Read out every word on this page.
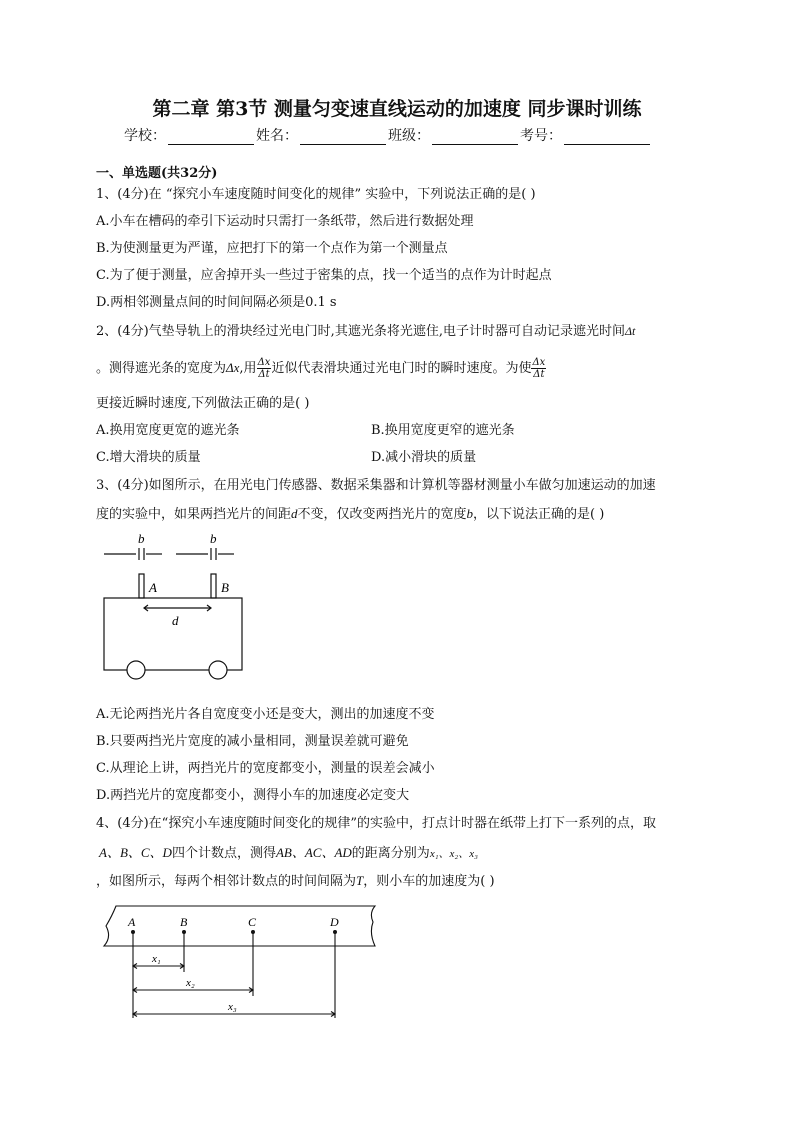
第二章 第3节 测量匀变速直线运动的加速度 同步课时训练
学校：	姓名：	班级：	考号：
一、单选题(共32分)
1、(4分)在 “探究小车速度随时间变化的规律” 实验中，下列说法正确的是( )
A.小车在槽码的牵引下运动时只需打一条纸带，然后进行数据处理
B.为使测量更为严谨，应把打下的第一个点作为第一个测量点
C.为了便于测量，应舍掉开头一些过于密集的点，找一个适当的点作为计时起点
D.两相邻测量点间的时间间隔必须是0.1 s
2、(4分)气垫导轨上的滑块经过光电门时,其遮光条将光遮住,电子计时器可自动记录遮光时间Δt
。测得遮光条的宽度为Δx,用 $\frac{\Delta x}{\Delta t}$ 近似代表滑块通过光电门时的瞬时速度。为使 $\frac{\Delta x}{\Delta t}$
更接近瞬时速度,下列做法正确的是( )
A.换用宽度更宽的遮光条	B.换用宽度更窄的遮光条
C.增大滑块的质量	D.减小滑块的质量
3、(4分)如图所示，在用光电门传感器、数据采集器和计算机等器材测量小车做匀加速运动的加速
度的实验中，如果两挡光片的间距d不变，仅改变两挡光片的宽度b，以下说法正确的是( )
b	b
A	B
d
A.无论两挡光片各自宽度变小还是变大，测出的加速度不变
B.只要两挡光片宽度的减小量相同，测量误差就可避免
C.从理论上讲，两挡光片的宽度都变小，测量的误差会减小
D.两挡光片的宽度都变小，测得小车的加速度必定变大
4、(4分)在“探究小车速度随时间变化的规律”的实验中，打点计时器在纸带上打下一系列的点，取
A、B、C、D四个计数点，测得AB、AC、AD的距离分别为x₁、x₂、x₃
，如图所示，每两个相邻计数点的时间间隔为T，则小车的加速度为( )
A	B	C	D
x₁
x₂
x₃
